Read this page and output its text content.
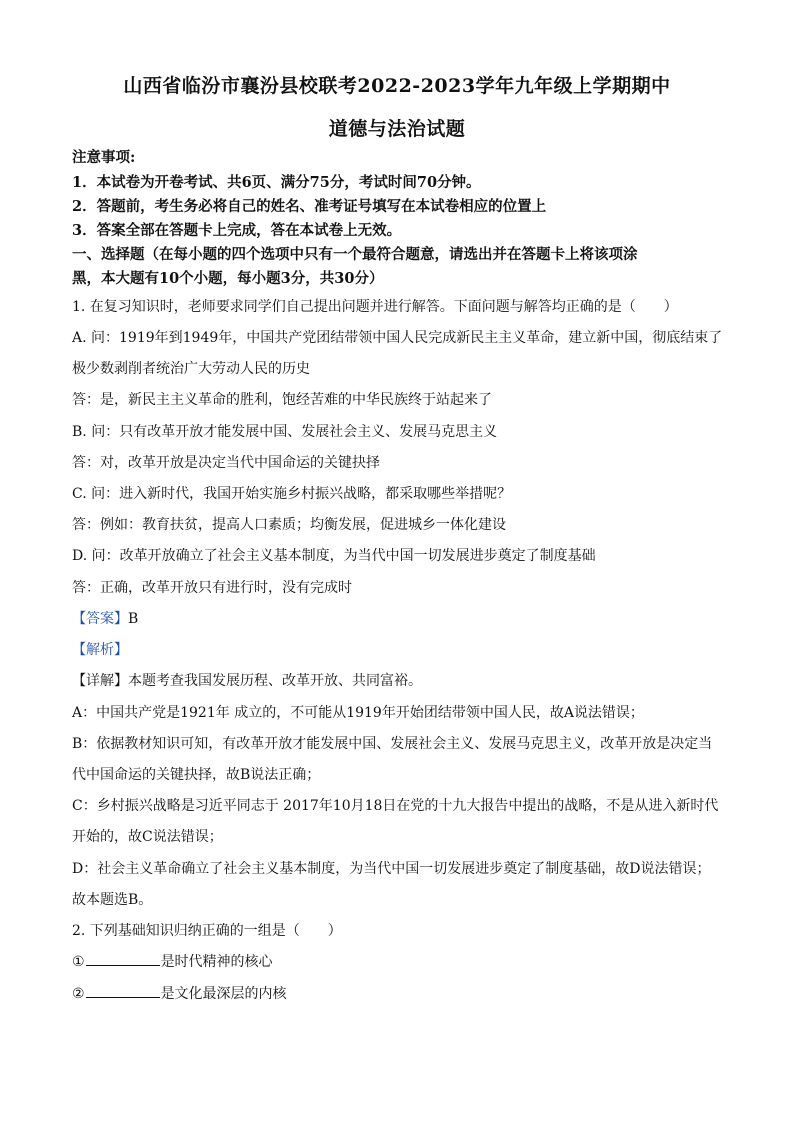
山西省临汾市襄汾县校联考2022-2023学年九年级上学期期中
道德与法治试题
注意事项:
1．本试卷为开卷考试、共6页、满分75分，考试时间70分钟。
2．答题前，考生务必将自己的姓名、准考证号填写在本试卷相应的位置上
3．答案全部在答题卡上完成，答在本试卷上无效。
一、选择题（在每小题的四个选项中只有一个最符合题意，请选出并在答题卡上将该项涂
黑，本大题有10个小题，每小题3分，共30分）
1. 在复习知识时，老师要求同学们自己提出问题并进行解答。下面问题与解答均正确的是（　　）
A. 问：1919年到1949年，中国共产党团结带领中国人民完成新民主主义革命，建立新中国，彻底结束了
极少数剥削者统治广大劳动人民的历史
答：是，新民主主义革命的胜利，饱经苦难的中华民族终于站起来了
B. 问：只有改革开放才能发展中国、发展社会主义、发展马克思主义
答：对，改革开放是决定当代中国命运的关键抉择
C. 问：进入新时代，我国开始实施乡村振兴战略，都采取哪些举措呢？
答：例如：教育扶贫，提高人口素质；均衡发展，促进城乡一体化建设
D. 问：改革开放确立了社会主义基本制度，为当代中国一切发展进步奠定了制度基础
答：正确，改革开放只有进行时，没有完成时
【答案】B
【解析】
【详解】本题考查我国发展历程、改革开放、共同富裕。
A：中国共产党是1921年 成立的，不可能从1919年开始团结带领中国人民，故A说法错误；
B：依据教材知识可知，有改革开放才能发展中国、发展社会主义、发展马克思主义，改革开放是决定当
代中国命运的关键抉择，故B说法正确；
C：乡村振兴战略是习近平同志于 2017年10月18日在党的十九大报告中提出的战略，不是从进入新时代
开始的，故C说法错误；
D：社会主义革命确立了社会主义基本制度，为当代中国一切发展进步奠定了制度基础，故D说法错误；
故本题选B。
2. 下列基础知识归纳正确的一组是（　　）
①	是时代精神的核心
②	是文化最深层的内核
